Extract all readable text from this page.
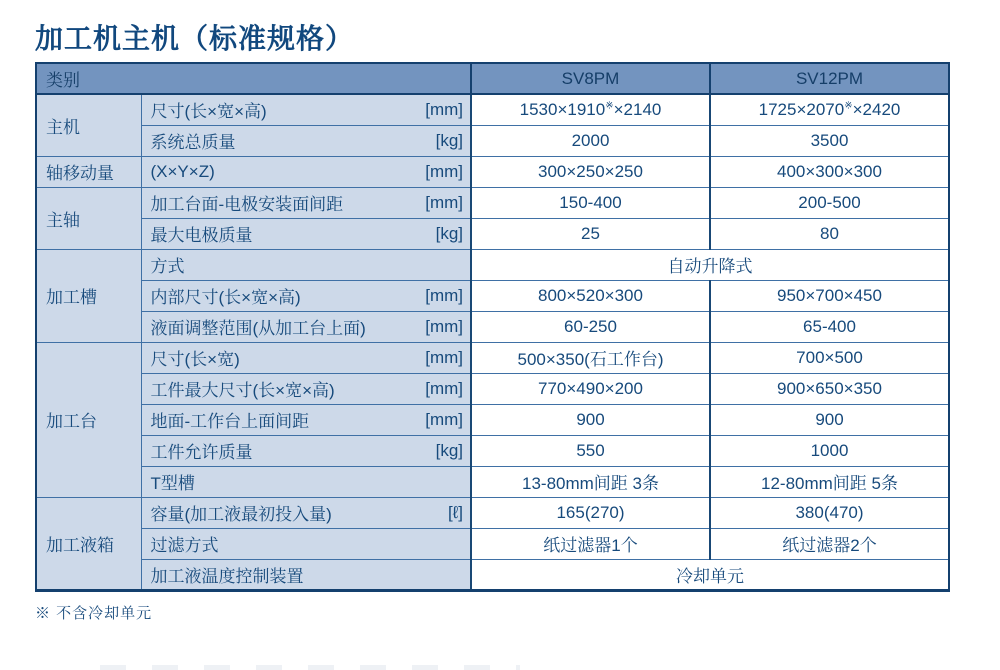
加工机主机（标准规格）
类别		SV8PM	SV12PM
主机	尺寸(长×宽×高) [mm]	1530×1910※×2140	1725×2070※×2420

	系统总质量 [kg]	2000	3500
轴移动量	(X×Y×Z) [mm]	300×250×250	400×300×300
主轴	加工台面-电极安装面间距 [mm]	150-400	200-500

	最大电极质量 [kg]	25	80
加工槽	方式	自动升降式	

	内部尺寸(长×宽×高) [mm]	800×520×300	950×700×450

	液面调整范围(从加工台上面) [mm]	60-250	65-400
加工台	尺寸(长×宽) [mm]	500×350(石工作台)	700×500

	工件最大尺寸(长×宽×高) [mm]	770×490×200	900×650×350

	地面-工作台上面间距 [mm]	900	900

	工件允许质量 [kg]	550	1000

	T型槽	13-80mm间距 3条	12-80mm间距 5条
加工液箱	容量(加工液最初投入量) [ℓ]	165(270)	380(470)

	过滤方式	纸过滤器1个	纸过滤器2个

	加工液温度控制装置	冷却单元	

※ 不含冷却单元
